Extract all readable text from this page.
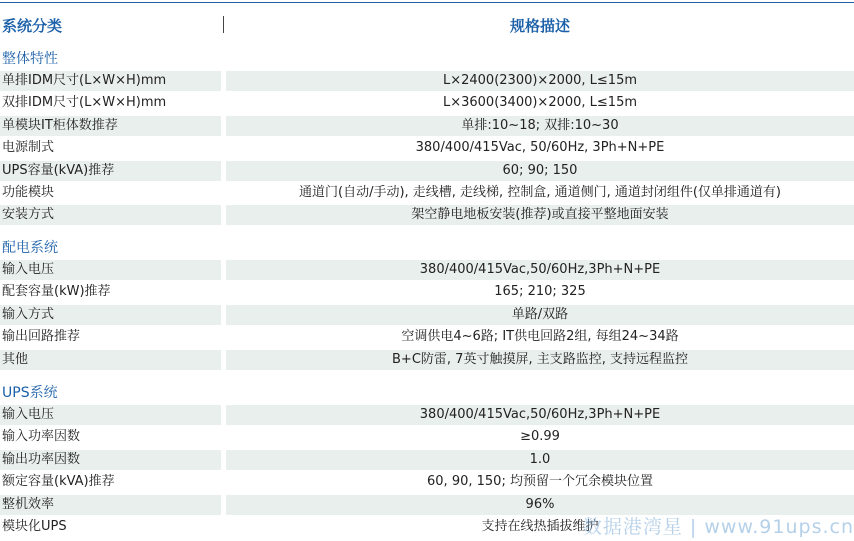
系统分类	规格描述
整体特性
单排IDM尺寸(L×W×H)mm	L×2400(2300)×2000, L≤15m
双排IDM尺寸(L×W×H)mm	L×3600(3400)×2000, L≤15m
单模块IT柜体数推荐	单排:10~18; 双排:10~30
电源制式	380/400/415Vac, 50/60Hz, 3Ph+N+PE
UPS容量(kVA)推荐	60; 90; 150
功能模块	通道门(自动/手动), 走线槽, 走线梯, 控制盒, 通道侧门, 通道封闭组件(仅单排通道有)
安装方式	架空静电地板安装(推荐)或直接平整地面安装
配电系统
输入电压	380/400/415Vac,50/60Hz,3Ph+N+PE
配套容量(kW)推荐	165; 210; 325
输入方式	单路/双路
输出回路推荐	空调供电4~6路; IT供电回路2组, 每组24~34路
其他	B+C防雷, 7英寸触摸屏, 主支路监控, 支持远程监控
UPS系统
输入电压	380/400/415Vac,50/60Hz,3Ph+N+PE
输入功率因数	≥0.99
输出功率因数	1.0
额定容量(kVA)推荐	60, 90, 150; 均预留一个冗余模块位置
整机效率	96%
模块化UPS	支持在线热插拔维护
数据港湾星 | www.91ups.cn
